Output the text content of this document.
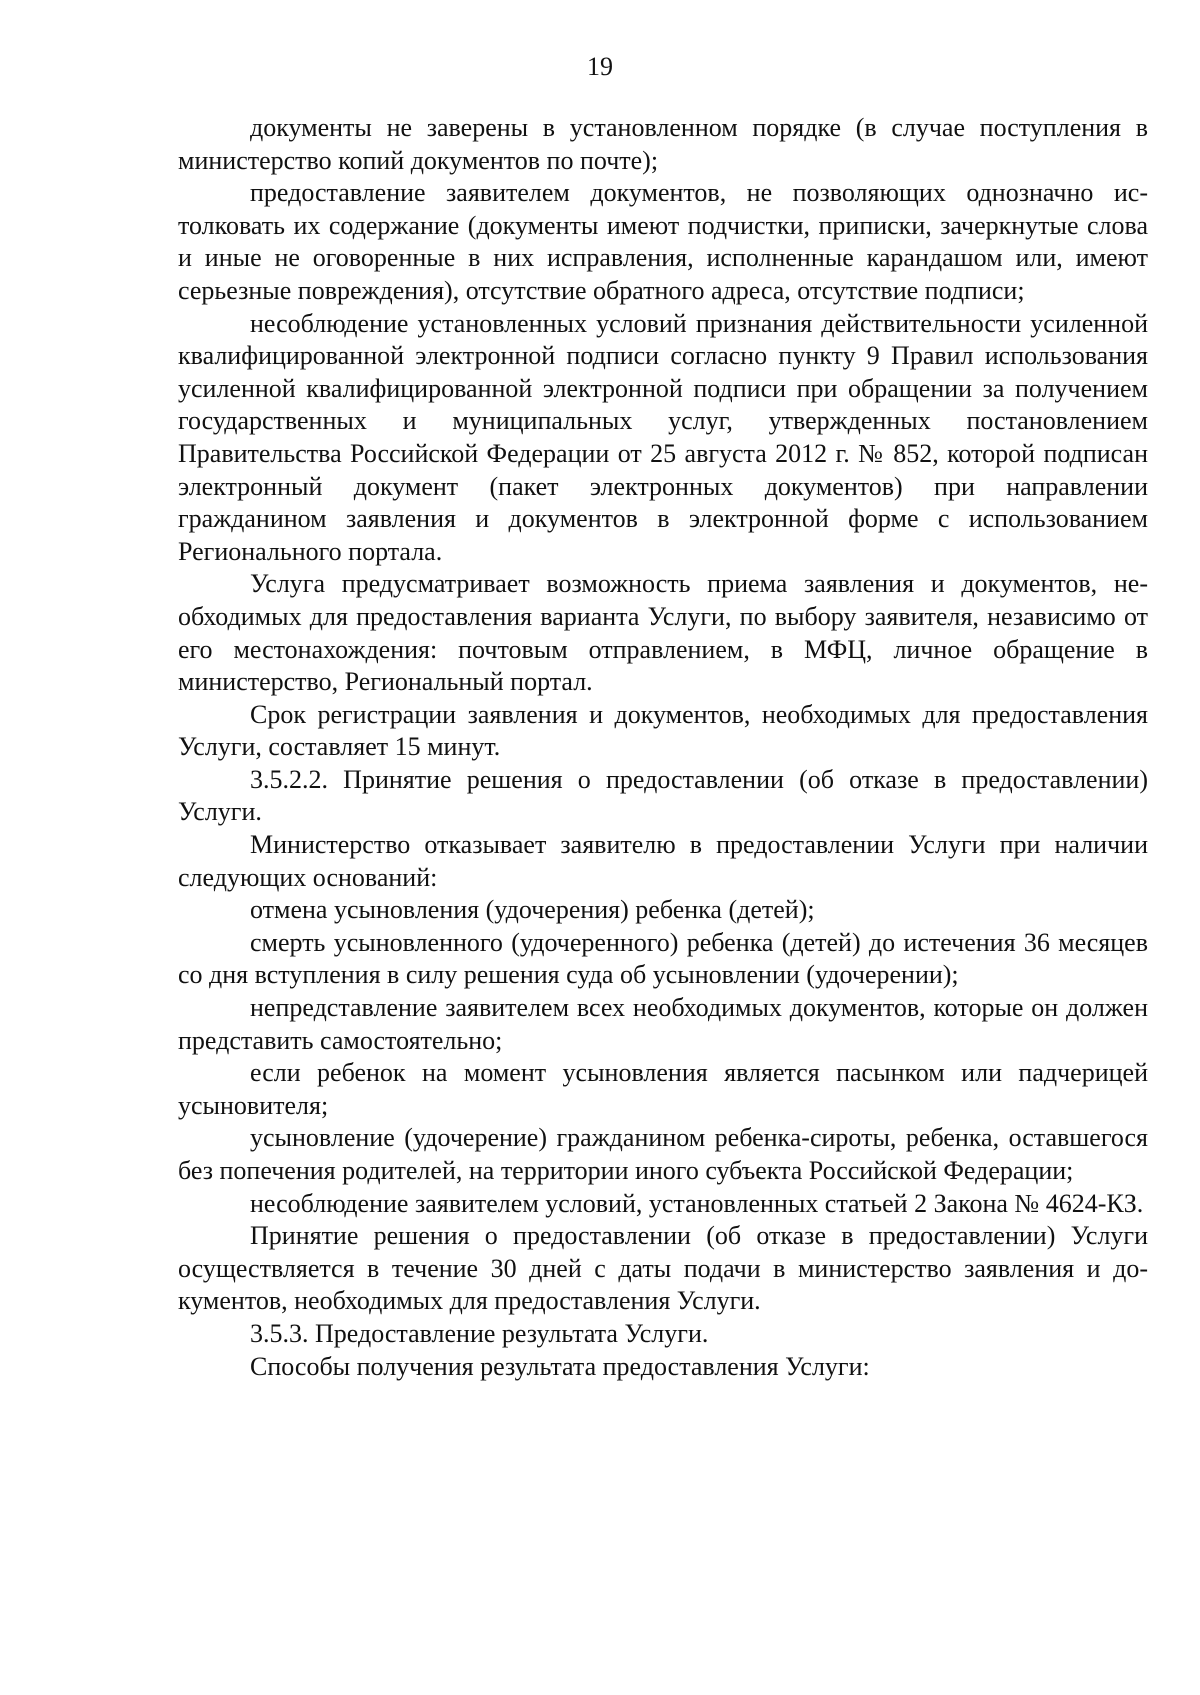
19

документы не заверены в установленном порядке (в случае поступления в министерство копий документов по почте);

предоставление заявителем документов, не позволяющих однозначно истолковать их содержание (документы имеют подчистки, приписки, зачеркнутые слова и иные не оговоренные в них исправления, исполненные карандашом или, имеют серьезные повреждения), отсутствие обратного адреса, отсутствие подписи;

несоблюдение установленных условий признания действительности усиленной квалифицированной электронной подписи согласно пункту 9 Правил использования усиленной квалифицированной электронной подписи при обращении за получением государственных и муниципальных услуг, утвержденных постановлением Правительства Российской Федерации от 25 августа 2012 г. № 852, которой подписан электронный документ (пакет электронных документов) при направлении гражданином заявления и документов в электронной форме с использованием Регионального портала.

Услуга предусматривает возможность приема заявления и документов, необходимых для предоставления варианта Услуги, по выбору заявителя, независимо от его местонахождения: почтовым отправлением, в МФЦ, личное обращение в министерство, Региональный портал.

Срок регистрации заявления и документов, необходимых для предоставления Услуги, составляет 15 минут.

3.5.2.2. Принятие решения о предоставлении (об отказе в предоставлении) Услуги.

Министерство отказывает заявителю в предоставлении Услуги при наличии следующих оснований:

отмена усыновления (удочерения) ребенка (детей);

смерть усыновленного (удочеренного) ребенка (детей) до истечения 36 месяцев со дня вступления в силу решения суда об усыновлении (удочерении);

непредставление заявителем всех необходимых документов, которые он должен представить самостоятельно;

если ребенок на момент усыновления является пасынком или падчерицей усыновителя;

усыновление (удочерение) гражданином ребенка-сироты, ребенка, оставшегося без попечения родителей, на территории иного субъекта Российской Федерации;

несоблюдение заявителем условий, установленных статьей 2 Закона № 4624-КЗ.

Принятие решения о предоставлении (об отказе в предоставлении) Услуги осуществляется в течение 30 дней с даты подачи в министерство заявления и документов, необходимых для предоставления Услуги.

3.5.3. Предоставление результата Услуги.

Способы получения результата предоставления Услуги:
